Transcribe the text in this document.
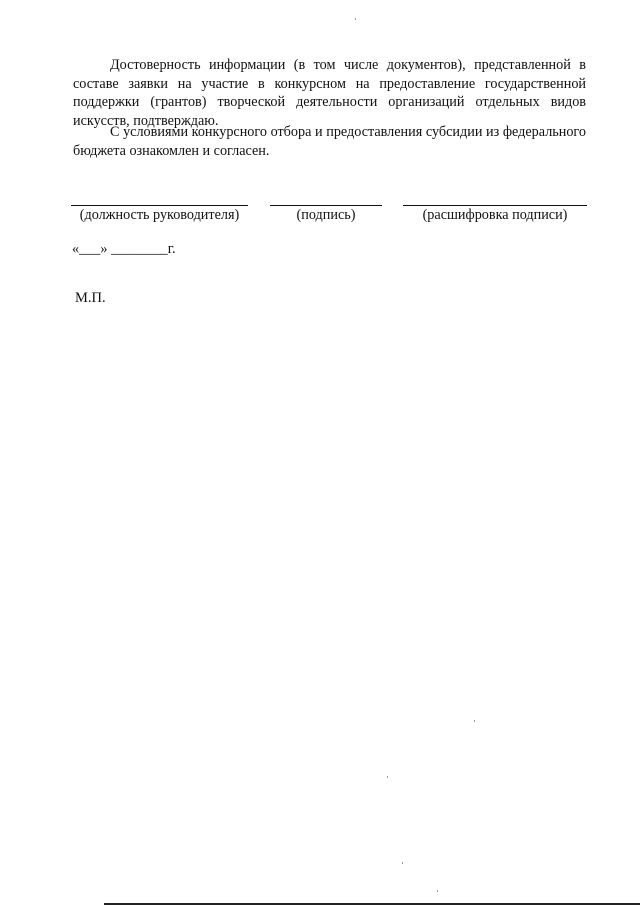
Достоверность информации (в том числе документов), представленной в составе заявки на участие в конкурсном на предоставление государственной поддержки (грантов) творческой деятельности организаций отдельных видов искусств, подтверждаю.

С условиями конкурсного отбора и предоставления субсидии из федерального бюджета ознакомлен и согласен.

(должность руководителя)	(подпись)	(расшифровка подписи)
«___» ________г.
М.П.
